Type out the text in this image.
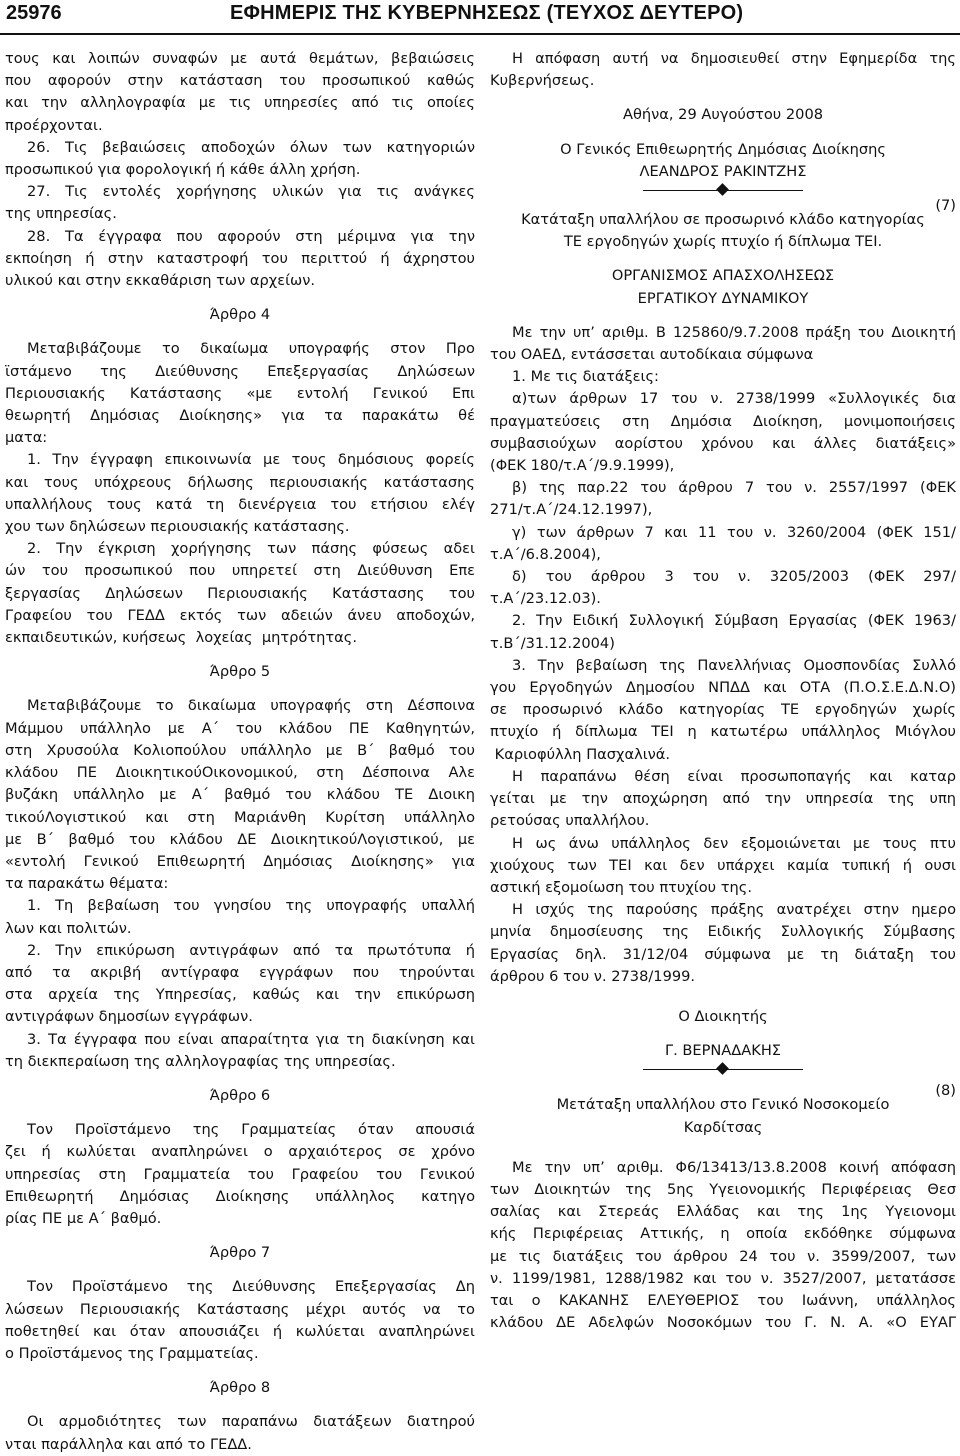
25976	ΕΦΗΜΕΡΙΣ ΤΗΣ ΚΥΒΕΡΝΗΣΕΩΣ (ΤΕΥΧΟΣ ΔΕΥΤΕΡΟ)
τους και λοιπών συναφών με αυτά θεμάτων, βεβαιώσεις
που αφορούν στην κατάσταση του προσωπικού καθώς
και την αλληλογραφία με τις υπηρεσίες από τις οποίες
προέρχονται.
26. Τις βεβαιώσεις αποδοχών όλων των κατηγοριών
προσωπικού για φορολογική ή κάθε άλλη χρήση.
27. Τις εντολές χορήγησης υλικών για τις ανάγκες
της υπηρεσίας.
28. Τα έγγραφα που αφορούν στη μέριμνα για την
εκποίηση ή στην καταστροφή του περιττού ή άχρηστου
υλικού και στην εκκαθάριση των αρχείων.
Άρθρο 4
Μεταβιβάζουμε το δικαίωμα υπογραφής στον Προ
ϊστάμενο της Διεύθυνσης Επεξεργασίας Δηλώσεων
Περιουσιακής Κατάστασης «με εντολή Γενικού Επι
θεωρητή Δημόσιας Διοίκησης» για τα παρακάτω θέ
ματα:
1. Την έγγραφη επικοινωνία με τους δημόσιους φορείς
και τους υπόχρεους δήλωσης περιουσιακής κατάστασης
υπαλλήλους τους κατά τη διενέργεια του ετήσιου ελέγ
χου των δηλώσεων περιουσιακής κατάστασης.
2. Την έγκριση χορήγησης των πάσης φύσεως αδει
ών του προσωπικού που υπηρετεί στη Διεύθυνση Επε
ξεργασίας Δηλώσεων Περιουσιακής Κατάστασης του
Γραφείου του ΓΕΔΔ εκτός των αδειών άνευ αποδοχών,
εκπαιδευτικών, κυήσεως λοχείας μητρότητας.
Άρθρο 5
Μεταβιβάζουμε το δικαίωμα υπογραφής στη Δέσποινα
Μάμμου υπάλληλο με Α΄ του κλάδου ΠΕ Καθηγητών,
στη Χρυσούλα Κολιοπούλου υπάλληλο με Β΄ βαθμό του
κλάδου ΠΕ ΔιοικητικούΟικονομικού, στη Δέσποινα Αλε
βυζάκη υπάλληλο με Α΄ βαθμό του κλάδου ΤΕ Διοικη
τικούΛογιστικού και στη Μαριάνθη Κυρίτση υπάλληλο
με Β΄ βαθμό του κλάδου ΔΕ ΔιοικητικούΛογιστικού, με
«εντολή Γενικού Επιθεωρητή Δημόσιας Διοίκησης» για
τα παρακάτω θέματα:
1. Τη βεβαίωση του γνησίου της υπογραφής υπαλλή
λων και πολιτών.
2. Την επικύρωση αντιγράφων από τα πρωτότυπα ή
από τα ακριβή αντίγραφα εγγράφων που τηρούνται
στα αρχεία της Υπηρεσίας, καθώς και την επικύρωση
αντιγράφων δημοσίων εγγράφων.
3. Τα έγγραφα που είναι απαραίτητα για τη διακίνηση και
τη διεκπεραίωση της αλληλογραφίας της υπηρεσίας.
Άρθρο 6
Τον Προϊστάμενο της Γραμματείας όταν απουσιά
ζει ή κωλύεται αναπληρώνει ο αρχαιότερος σε χρόνο
υπηρεσίας στη Γραμματεία του Γραφείου του Γενικού
Επιθεωρητή Δημόσιας Διοίκησης υπάλληλος κατηγο
ρίας ΠΕ με Α΄ βαθμό.
Άρθρο 7
Τον Προϊστάμενο της Διεύθυνσης Επεξεργασίας Δη
λώσεων Περιουσιακής Κατάστασης μέχρι αυτός να το
ποθετηθεί και όταν απουσιάζει ή κωλύεται αναπληρώνει
ο Προϊστάμενος της Γραμματείας.
Άρθρο 8
Οι αρμοδιότητες των παραπάνω διατάξεων διατηρού
νται παράλληλα και από το ΓΕΔΔ.
Η απόφαση αυτή να δημοσιευθεί στην Εφημερίδα της
Κυβερνήσεως.
Αθήνα, 29 Αυγούστου 2008
Ο Γενικός Επιθεωρητής Δημόσιας Διοίκησης
ΛΕΑΝΔΡΟΣ ΡΑΚΙΝΤΖΗΣ
(7)
Κατάταξη υπαλλήλου σε προσωρινό κλάδο κατηγορίας
ΤΕ εργοδηγών χωρίς πτυχίο ή δίπλωμα ΤΕΙ.
ΟΡΓΑΝΙΣΜΟΣ ΑΠΑΣΧΟΛΗΣΕΩΣ
ΕΡΓΑΤΙΚΟΥ ΔΥΝΑΜΙΚΟΥ
Με την υπ’ αριθμ. Β 125860/9.7.2008 πράξη του Διοικητή
του ΟΑΕΔ, εντάσσεται αυτοδίκαια σύμφωνα
1. Με τις διατάξεις:
α)των άρθρων 17 του ν. 2738/1999 «Συλλογικές δια
πραγματεύσεις στη Δημόσια Διοίκηση, μονιμοποιήσεις
συμβασιούχων αορίστου χρόνου και άλλες διατάξεις»
(ΦΕΚ 180/τ.Α΄/9.9.1999),
β) της παρ.22 του άρθρου 7 του ν. 2557/1997 (ΦΕΚ
271/τ.Α΄/24.12.1997),
γ) των άρθρων 7 και 11 του ν. 3260/2004 (ΦΕΚ 151/
τ.Α΄/6.8.2004),
δ) του άρθρου 3 του ν. 3205/2003 (ΦΕΚ 297/
τ.Α΄/23.12.03).
2. Την Ειδική Συλλογική Σύμβαση Εργασίας (ΦΕΚ 1963/
τ.Β΄/31.12.2004)
3. Την βεβαίωση της Πανελλήνιας Ομοσπονδίας Συλλό
γου Εργοδηγών Δημοσίου ΝΠΔΔ και ΟΤΑ (Π.Ο.Σ.Ε.Δ.Ν.Ο)
σε προσωρινό κλάδο κατηγορίας ΤΕ εργοδηγών χωρίς
πτυχίο ή δίπλωμα ΤΕΙ η κατωτέρω υπάλληλος Μιόγλου
Καριοφύλλη Πασχαλινά.
Η παραπάνω θέση είναι προσωποπαγής και καταρ
γείται με την αποχώρηση από την υπηρεσία της υπη
ρετούσας υπαλλήλου.
Η ως άνω υπάλληλος δεν εξομοιώνεται με τους πτυ
χιούχους των ΤΕΙ και δεν υπάρχει καμία τυπική ή ουσι
αστική εξομοίωση του πτυχίου της.
Η ισχύς της παρούσης πράξης ανατρέχει στην ημερο
μηνία δημοσίευσης της Ειδικής Συλλογικής Σύμβασης
Εργασίας δηλ. 31/12/04 σύμφωνα με τη διάταξη του
άρθρου 6 του ν. 2738/1999.
Ο Διοικητής
Γ. ΒΕΡΝΑΔΑΚΗΣ
(8)
Μετάταξη υπαλλήλου στο Γενικό Νοσοκομείο
Καρδίτσας
Με την υπ’ αριθμ. Φ6/13413/13.8.2008 κοινή απόφαση
των Διοικητών της 5ης Υγειονομικής Περιφέρειας Θεσ
σαλίας και Στερεάς Ελλάδας και της 1ης Υγειονομι
κής Περιφέρειας Αττικής, η οποία εκδόθηκε σύμφωνα
με τις διατάξεις του άρθρου 24 του ν. 3599/2007, των
ν. 1199/1981, 1288/1982 και του ν. 3527/2007, μετατάσσε
ται ο ΚΑΚΑΝΗΣ ΕΛΕΥΘΕΡΙΟΣ του Ιωάννη, υπάλληλος
κλάδου ΔΕ Αδελφών Νοσοκόμων του Γ. Ν. Α. «Ο ΕΥΑΓ
